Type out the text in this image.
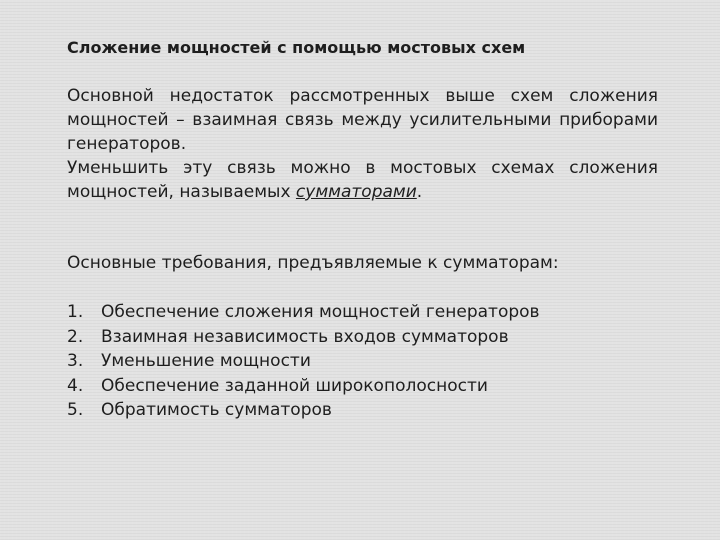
Сложение мощностей с помощью мостовых схем
Основной недостаток рассмотренных выше схем сложения мощностей – взаимная связь между усилительными приборами генераторов.
Уменьшить эту связь можно в мостовых схемах сложения мощностей, называемых сумматорами.
Основные требования, предъявляемые к сумматорам:
1.	Обеспечение сложения мощностей генераторов
2.	Взаимная независимость входов сумматоров
3.	Уменьшение мощности
4.	Обеспечение заданной широкополосности
5.	Обратимость сумматоров
